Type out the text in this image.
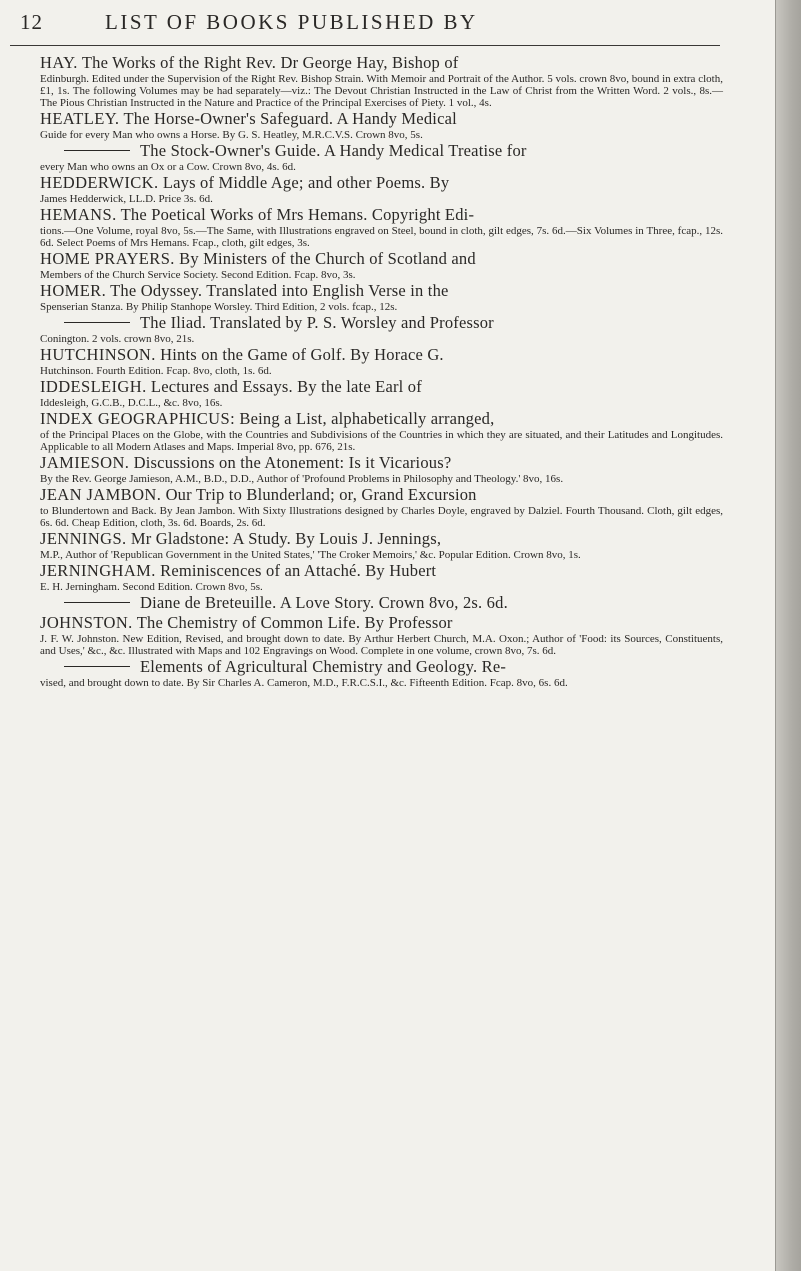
12	LIST OF BOOKS PUBLISHED BY
HAY. The Works of the Right Rev. Dr George Hay, Bishop of
Edinburgh. Edited under the Supervision of the Right Rev. Bishop Strain. With Memoir and Portrait of the Author. 5 vols. crown 8vo, bound in extra cloth, £1, 1s. The following Volumes may be had separately—viz.: The Devout Christian Instructed in the Law of Christ from the Written Word. 2 vols., 8s.—The Pious Christian Instructed in the Nature and Practice of the Principal Exercises of Piety. 1 vol., 4s.
HEATLEY. The Horse-Owner's Safeguard. A Handy Medical
Guide for every Man who owns a Horse. By G. S. Heatley, M.R.C.V.S. Crown 8vo, 5s.
The Stock-Owner's Guide. A Handy Medical Treatise for
every Man who owns an Ox or a Cow. Crown 8vo, 4s. 6d.
HEDDERWICK. Lays of Middle Age; and other Poems. By
James Hedderwick, LL.D. Price 3s. 6d.
HEMANS. The Poetical Works of Mrs Hemans. Copyright Edi-
tions.—One Volume, royal 8vo, 5s.—The Same, with Illustrations engraved on Steel, bound in cloth, gilt edges, 7s. 6d.—Six Volumes in Three, fcap., 12s. 6d. Select Poems of Mrs Hemans. Fcap., cloth, gilt edges, 3s.
HOME PRAYERS. By Ministers of the Church of Scotland and
Members of the Church Service Society. Second Edition. Fcap. 8vo, 3s.
HOMER. The Odyssey. Translated into English Verse in the
Spenserian Stanza. By Philip Stanhope Worsley. Third Edition, 2 vols. fcap., 12s.
The Iliad. Translated by P. S. Worsley and Professor
Conington. 2 vols. crown 8vo, 21s.
HUTCHINSON. Hints on the Game of Golf. By Horace G.
Hutchinson. Fourth Edition. Fcap. 8vo, cloth, 1s. 6d.
IDDESLEIGH. Lectures and Essays. By the late Earl of
Iddesleigh, G.C.B., D.C.L., &c. 8vo, 16s.
INDEX GEOGRAPHICUS: Being a List, alphabetically arranged,
of the Principal Places on the Globe, with the Countries and Subdivisions of the Countries in which they are situated, and their Latitudes and Longitudes. Applicable to all Modern Atlases and Maps. Imperial 8vo, pp. 676, 21s.
JAMIESON. Discussions on the Atonement: Is it Vicarious?
By the Rev. George Jamieson, A.M., B.D., D.D., Author of 'Profound Problems in Philosophy and Theology.' 8vo, 16s.
JEAN JAMBON. Our Trip to Blunderland; or, Grand Excursion
to Blundertown and Back. By Jean Jambon. With Sixty Illustrations designed by Charles Doyle, engraved by Dalziel. Fourth Thousand. Cloth, gilt edges, 6s. 6d. Cheap Edition, cloth, 3s. 6d. Boards, 2s. 6d.
JENNINGS. Mr Gladstone: A Study. By Louis J. Jennings,
M.P., Author of 'Republican Government in the United States,' 'The Croker Memoirs,' &c. Popular Edition. Crown 8vo, 1s.
JERNINGHAM. Reminiscences of an Attaché. By Hubert
E. H. Jerningham. Second Edition. Crown 8vo, 5s.
Diane de Breteuille. A Love Story. Crown 8vo, 2s. 6d.
JOHNSTON. The Chemistry of Common Life. By Professor
J. F. W. Johnston. New Edition, Revised, and brought down to date. By Arthur Herbert Church, M.A. Oxon.; Author of 'Food: its Sources, Constituents, and Uses,' &c., &c. Illustrated with Maps and 102 Engravings on Wood. Complete in one volume, crown 8vo, 7s. 6d.
Elements of Agricultural Chemistry and Geology. Re-
vised, and brought down to date. By Sir Charles A. Cameron, M.D., F.R.C.S.I., &c. Fifteenth Edition. Fcap. 8vo, 6s. 6d.
